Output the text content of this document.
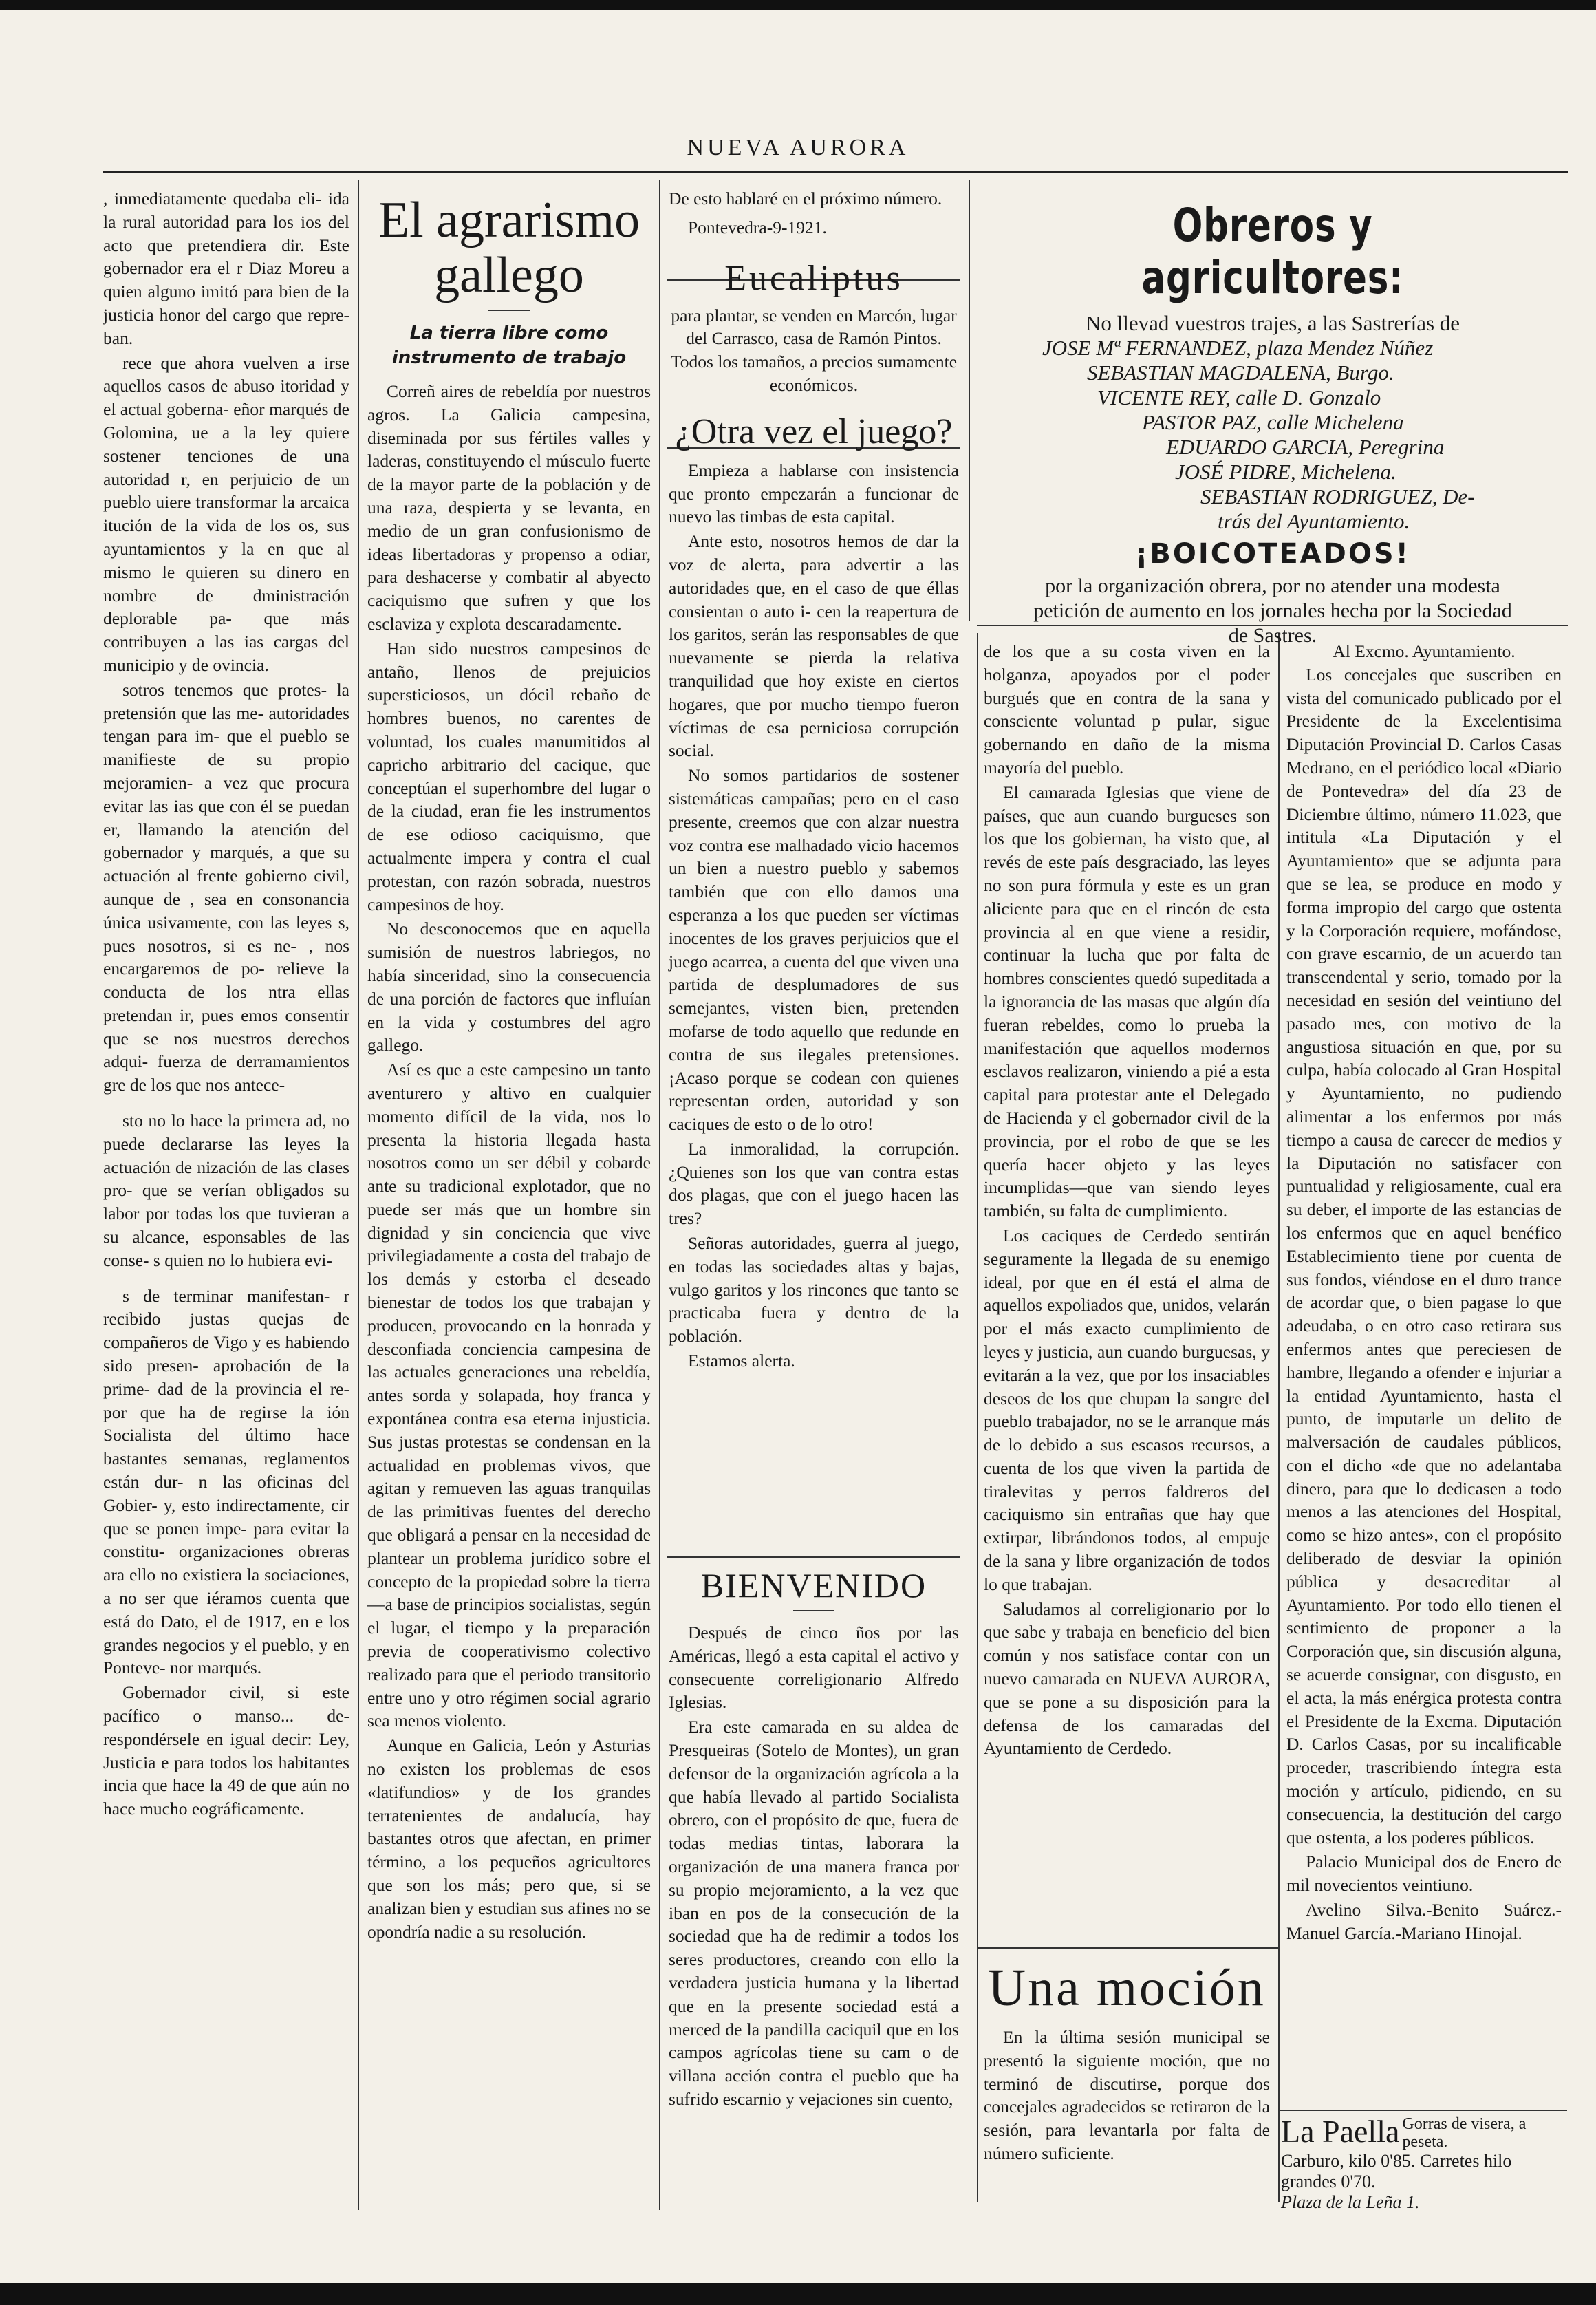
NUEVA AURORA

, inmediatamente quedaba eli- ida la rural autoridad para los ios del acto que pretendiera dir. Este gobernador era el r Diaz Moreu a quien alguno imitó para bien de la justicia honor del cargo que repre- ban.

rece que ahora vuelven a irse aquellos casos de abuso itoridad y el actual goberna- eñor marqués de Golomina, ue a la ley quiere sostener tenciones de una autoridad r, en perjuicio de un pueblo uiere transformar la arcaica itución de la vida de los os, sus ayuntamientos y la en que al mismo le quieren su dinero en nombre de dministración deplorable pa- que más contribuyen a las ias cargas del municipio y de ovincia.

sotros tenemos que protes- la pretensión que las me- autoridades tengan para im- que el pueblo se manifieste de su propio mejoramien- a vez que procura evitar las ias que con él se puedan er, llamando la atención del gobernador y marqués, a que su actuación al frente gobierno civil, aunque de , sea en consonancia única usivamente, con las leyes s, pues nosotros, si es ne- , nos encargaremos de po- relieve la conducta de los ntra ellas pretendan ir, pues emos consentir que se nos nuestros derechos adqui- fuerza de derramamientos gre de los que nos antece-

sto no lo hace la primera ad, no puede declararse las leyes la actuación de nización de las clases pro- que se verían obligados su labor por todas los que tuvieran a su alcance, esponsables de las conse- s quien no lo hubiera evi-

s de terminar manifestan- r recibido justas quejas de compañeros de Vigo y es habiendo sido presen- aprobación de la prime- dad de la provincia el re- por que ha de regirse la ión Socialista del último hace bastantes semanas, reglamentos están dur- n las oficinas del Gobier- y, esto indirectamente, cir que se ponen impe- para evitar la constitu- organizaciones obreras ara ello no existiera la sociaciones, a no ser que iéramos cuenta que está do Dato, el de 1917, en e los grandes negocios y el pueblo, y en Ponteve- nor marqués.

Gobernador civil, si este pacífico o manso... de- respondérsele en igual decir: Ley, Justicia e para todos los habitantes incia que hace la 49 de que aún no hace mucho eográficamente.

El agrarismo gallego
La tierra libre como instrumento de trabajo

Correñ aires de rebeldía por nuestros agros. La Galicia campesina, diseminada por sus fértiles valles y laderas, constituyendo el músculo fuerte de la mayor parte de la población y de una raza, despierta y se levanta, en medio de un gran confusionismo de ideas libertadoras y propenso a odiar, para deshacerse y combatir al abyecto caciquismo que sufren y que los esclaviza y explota descaradamente.

Han sido nuestros campesinos de antaño, llenos de prejuicios supersticiosos, un dócil rebaño de hombres buenos, no carentes de voluntad, los cuales manumitidos al capricho arbitrario del cacique, que conceptúan el superhombre del lugar o de la ciudad, eran fie les instrumentos de ese odioso caciquismo, que actualmente impera y contra el cual protestan, con razón sobrada, nuestros campesinos de hoy.

No desconocemos que en aquella sumisión de nuestros labriegos, no había sinceridad, sino la consecuencia de una porción de factores que influían en la vida y costumbres del agro gallego.

Así es que a este campesino un tanto aventurero y altivo en cualquier momento difícil de la vida, nos lo presenta la historia llegada hasta nosotros como un ser débil y cobarde ante su tradicional explotador, que no puede ser más que un hombre sin dignidad y sin conciencia que vive privilegiadamente a costa del trabajo de los demás y estorba el deseado bienestar de todos los que trabajan y producen, provocando en la honrada y desconfiada conciencia campesina de las actuales generaciones una rebeldía, antes sorda y solapada, hoy franca y expontánea contra esa eterna injusticia. Sus justas protestas se condensan en la actualidad en problemas vivos, que agitan y remueven las aguas tranquilas de las primitivas fuentes del derecho que obligará a pensar en la necesidad de plantear un problema jurídico sobre el concepto de la propiedad sobre la tierra—a base de principios socialistas, según el lugar, el tiempo y la preparación previa de cooperativismo colectivo realizado para que el periodo transitorio entre uno y otro régimen social agrario sea menos violento.

Aunque en Galicia, León y Asturias no existen los problemas de esos «latifundios» y de los grandes terratenientes de andalucía, hay bastantes otros que afectan, en primer término, a los pequeños agricultores que son los más; pero que, si se analizan bien y estudian sus afines no se opondría nadie a su resolución.

De esto hablaré en el próximo número.

Pontevedra-9-1921.

Eucaliptus

para plantar, se venden en Marcón, lugar del Carrasco, casa de Ramón Pintos. Todos los tamaños, a precios sumamente económicos.

¿Otra vez el juego?

Empieza a hablarse con insistencia que pronto empezarán a funcionar de nuevo las timbas de esta capital.

Ante esto, nosotros hemos de dar la voz de alerta, para advertir a las autoridades que, en el caso de que éllas consientan o auto i- cen la reapertura de los garitos, serán las responsables de que nuevamente se pierda la relativa tranquilidad que hoy existe en ciertos hogares, que por mucho tiempo fueron víctimas de esa perniciosa corrupción social.

No somos partidarios de sostener sistemáticas campañas; pero en el caso presente, creemos que con alzar nuestra voz contra ese malhadado vicio hacemos un bien a nuestro pueblo y sabemos también que con ello damos una esperanza a los que pueden ser víctimas inocentes de los graves perjuicios que el juego acarrea, a cuenta del que viven una partida de desplumadores de sus semejantes, visten bien, pretenden mofarse de todo aquello que redunde en contra de sus ilegales pretensiones. ¡Acaso porque se codean con quienes representan orden, autoridad y son caciques de esto o de lo otro!

La inmoralidad, la corrupción. ¿Quienes son los que van contra estas dos plagas, que con el juego hacen las tres?

Señoras autoridades, guerra al juego, en todas las sociedades altas y bajas, vulgo garitos y los rincones que tanto se practicaba fuera y dentro de la población.

Estamos alerta.

BIENVENIDO

Después de cinco ños por las Américas, llegó a esta capital el activo y consecuente correligionario Alfredo Iglesias.

Era este camarada en su aldea de Presqueiras (Sotelo de Montes), un gran defensor de la organización agrícola a la que había llevado al partido Socialista obrero, con el propósito de que, fuera de todas medias tintas, laborara la organización de una manera franca por su propio mejoramiento, a la vez que iban en pos de la consecución de la sociedad que ha de redimir a todos los seres productores, creando con ello la verdadera justicia humana y la libertad que en la presente sociedad está a merced de la pandilla caciquil que en los campos agrícolas tiene su cam o de villana acción contra el pueblo que ha sufrido escarnio y vejaciones sin cuento,

Obreros y agricultores:
No llevad vuestros trajes, a las Sastrerías de
JOSE Mª FERNANDEZ, plaza Mendez Núñez
SEBASTIAN MAGDALENA, Burgo.
VICENTE REY, calle D. Gonzalo
PASTOR PAZ, calle Michelena
EDUARDO GARCIA, Peregrina
JOSÉ PIDRE, Michelena.
SEBASTIAN RODRIGUEZ, De-
trás del Ayuntamiento.
¡BOICOTEADOS!
por la organización obrera, por no atender una modesta petición de aumento en los jornales hecha por la Sociedad de Sastres.

de los que a su costa viven en la holganza, apoyados por el poder burgués que en contra de la sana y consciente voluntad p pular, sigue gobernando en daño de la misma mayoría del pueblo.

El camarada Iglesias que viene de países, que aun cuando burgueses son los que los gobiernan, ha visto que, al revés de este país desgraciado, las leyes no son pura fórmula y este es un gran aliciente para que en el rincón de esta provincia al en que viene a residir, continuar la lucha que por falta de hombres conscientes quedó supeditada a la ignorancia de las masas que algún día fueran rebeldes, como lo prueba la manifestación que aquellos modernos esclavos realizaron, viniendo a pié a esta capital para protestar ante el Delegado de Hacienda y el gobernador civil de la provincia, por el robo de que se les quería hacer objeto y las leyes incumplidas—que van siendo leyes también, su falta de cumplimiento.

Los caciques de Cerdedo sentirán seguramente la llegada de su enemigo ideal, por que en él está el alma de aquellos expoliados que, unidos, velarán por el más exacto cumplimiento de leyes y justicia, aun cuando burguesas, y evitarán a la vez, que por los insaciables deseos de los que chupan la sangre del pueblo trabajador, no se le arranque más de lo debido a sus escasos recursos, a cuenta de los que viven la partida de tiralevitas y perros faldreros del caciquismo sin entrañas que hay que extirpar, librándonos todos, al empuje de la sana y libre organización de todos lo que trabajan.

Saludamos al correligionario por lo que sabe y trabaja en beneficio del bien común y nos satisface contar con un nuevo camarada en NUEVA AURORA, que se pone a su disposición para la defensa de los camaradas del Ayuntamiento de Cerdedo.

Una moción

En la última sesión municipal se presentó la siguiente moción, que no terminó de discutirse, porque dos concejales agradecidos se retiraron de la sesión, para levantarla por falta de número suficiente.

Al Excmo. Ayuntamiento.

Los concejales que suscriben en vista del comunicado publicado por el Presidente de la Excelentisima Diputación Provincial D. Carlos Casas Medrano, en el periódico local «Diario de Pontevedra» del día 23 de Diciembre último, número 11.023, que intitula «La Diputación y el Ayuntamiento» que se adjunta para que se lea, se produce en modo y forma impropio del cargo que ostenta y la Corporación requiere, mofándose, con grave escarnio, de un acuerdo tan transcendental y serio, tomado por la necesidad en sesión del veintiuno del pasado mes, con motivo de la angustiosa situación en que, por su culpa, había colocado al Gran Hospital y Ayuntamiento, no pudiendo alimentar a los enfermos por más tiempo a causa de carecer de medios y la Diputación no satisfacer con puntualidad y religiosamente, cual era su deber, el importe de las estancias de los enfermos que en aquel benéfico Establecimiento tiene por cuenta de sus fondos, viéndose en el duro trance de acordar que, o bien pagase lo que adeudaba, o en otro caso retirara sus enfermos antes que pereciesen de hambre, llegando a ofender e injuriar a la entidad Ayuntamiento, hasta el punto, de imputarle un delito de malversación de caudales públicos, con el dicho «de que no adelantaba dinero, para que lo dedicasen a todo menos a las atenciones del Hospital, como se hizo antes», con el propósito deliberado de desviar la opinión pública y desacreditar al Ayuntamiento. Por todo ello tienen el sentimiento de proponer a la Corporación que, sin discusión alguna, se acuerde consignar, con disgusto, en el acta, la más enérgica protesta contra el Presidente de la Excma. Diputación D. Carlos Casas, por su incalificable proceder, trascribiendo íntegra esta moción y artículo, pidiendo, en su consecuencia, la destitución del cargo que ostenta, a los poderes públicos.

Palacio Municipal dos de Enero de mil novecientos veintiuno.

Avelino Silva.-Benito Suárez.-Manuel García.-Mariano Hinojal.

La Paella Gorras de visera, a peseta.
Carburo, kilo 0'85. Carretes hilo grandes 0'70.
Plaza de la Leña 1.
